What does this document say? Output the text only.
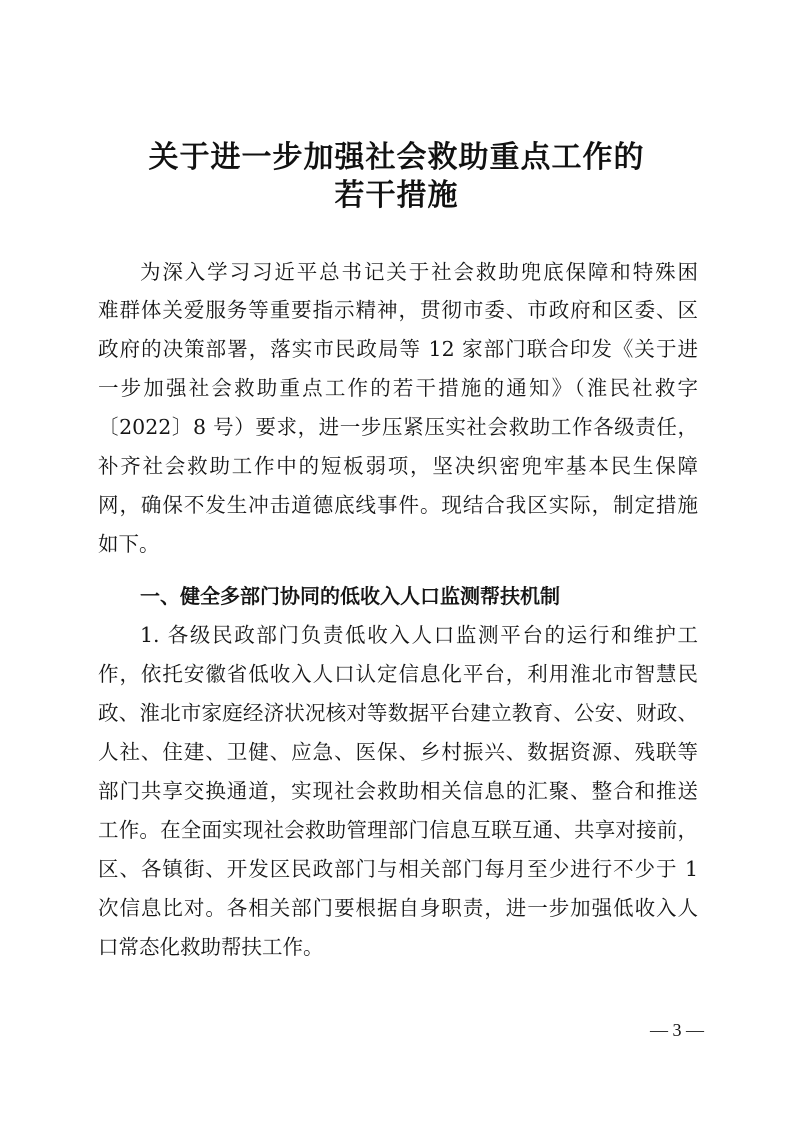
关于进一步加强社会救助重点工作的
若干措施
为深入学习习近平总书记关于社会救助兜底保障和特殊困
难群体关爱服务等重要指示精神，贯彻市委、市政府和区委、区
政府的决策部署，落实市民政局等 12 家部门联合印发《关于进
一步加强社会救助重点工作的若干措施的通知》（淮民社救字
〔2022〕8 号）要求，进一步压紧压实社会救助工作各级责任，
补齐社会救助工作中的短板弱项，坚决织密兜牢基本民生保障
网，确保不发生冲击道德底线事件。现结合我区实际，制定措施
如下。
一、健全多部门协同的低收入人口监测帮扶机制
1. 各级民政部门负责低收入人口监测平台的运行和维护工
作，依托安徽省低收入人口认定信息化平台，利用淮北市智慧民
政、淮北市家庭经济状况核对等数据平台建立教育、公安、财政、
人社、住建、卫健、应急、医保、乡村振兴、数据资源、残联等
部门共享交换通道，实现社会救助相关信息的汇聚、整合和推送
工作。在全面实现社会救助管理部门信息互联互通、共享对接前，
区、各镇街、开发区民政部门与相关部门每月至少进行不少于 1
次信息比对。各相关部门要根据自身职责，进一步加强低收入人
口常态化救助帮扶工作。
— 3 —
